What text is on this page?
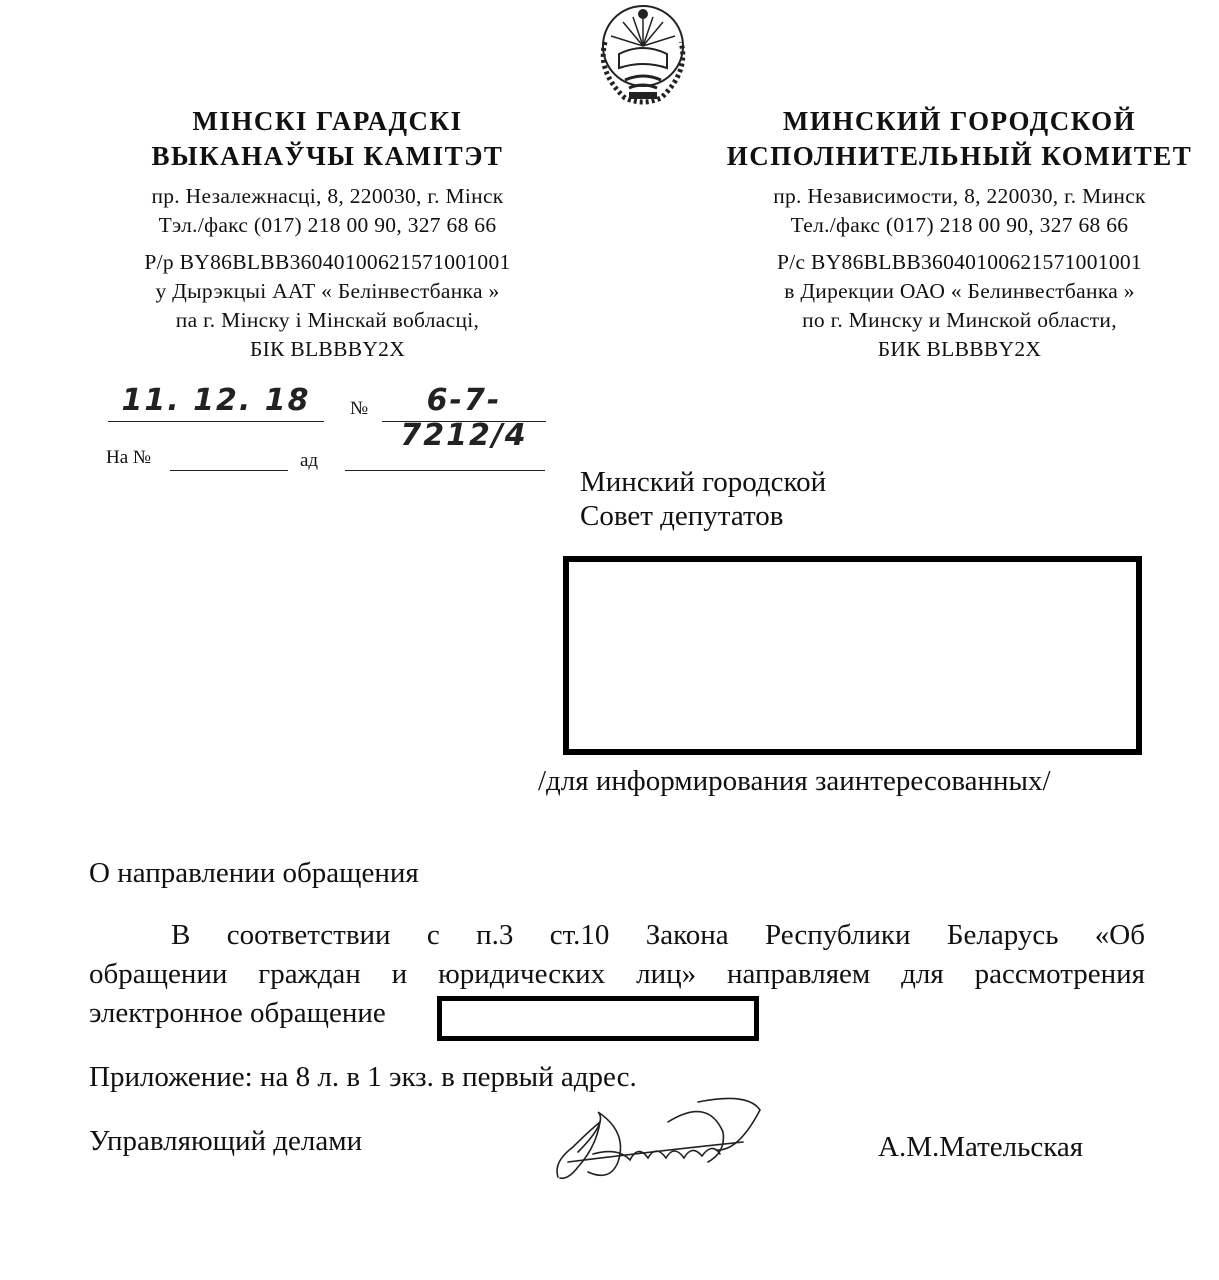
МІНСКІ ГАРАДСКІ
ВЫКАНАЎЧЫ КАМІТЭТ
пр. Незалежнасці, 8, 220030, г. Мінск
Тэл./факс (017) 218 00 90, 327 68 66
Р/р BY86BLBB36040100621571001001
у Дырэкцыі ААТ « Белінвестбанка »
па г. Мінску і Мінскай вобласці,
БІК BLBBBY2X
МИНСКИЙ ГОРОДСКОЙ
ИСПОЛНИТЕЛЬНЫЙ КОМИТЕТ
пр. Независимости, 8, 220030, г. Минск
Тел./факс (017) 218 00 90, 327 68 66
Р/с BY86BLBB36040100621571001001
в Дирекции ОАО « Белинвестбанка »
по г. Минску и Минской области,
БИК BLBBBY2X
11. 12. 18	№	6-7-7212/4
На №	ад
Минский городской
Совет депутатов
/для информирования заинтересованных/
О направлении обращения
В соответствии с п.3 ст.10 Закона Республики Беларусь «Об
обращении граждан и юридических лиц» направляем для рассмотрения
электронное обращение
Приложение: на 8 л. в 1 экз. в первый адрес.
Управляющий делами	А.М.Мательская
